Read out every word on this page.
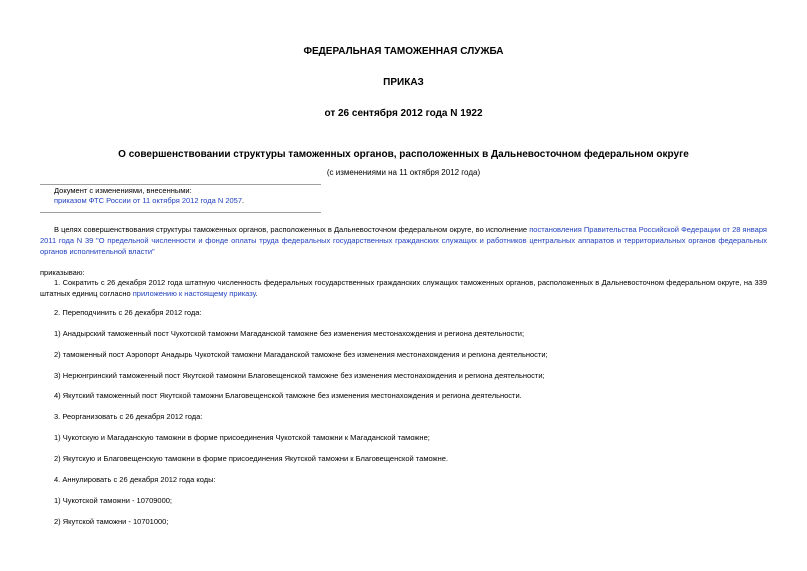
ФЕДЕРАЛЬНАЯ ТАМОЖЕННАЯ СЛУЖБА
ПРИКАЗ
от 26 сентября 2012 года N 1922
О совершенствовании структуры таможенных органов, расположенных в Дальневосточном федеральном округе
(с изменениями на 11 октября 2012 года)
Документ с изменениями, внесенными:
приказом ФТС России от 11 октября 2012 года N 2057.
В целях совершенствования структуры таможенных органов, расположенных в Дальневосточном федеральном округе, во исполнение постановления Правительства Российской Федерации от 28 января 2011 года N 39 "О предельной численности и фонде оплаты труда федеральных государственных гражданских служащих и работников центральных аппаратов и территориальных органов федеральных органов исполнительной власти"
приказываю:
1. Сократить с 26 декабря 2012 года штатную численность федеральных государственных гражданских служащих таможенных органов, расположенных в Дальневосточном федеральном округе, на 339 штатных единиц согласно приложению к настоящему приказу.
2. Переподчинить с 26 декабря 2012 года:
1) Анадырский таможенный пост Чукотской таможни Магаданской таможне без изменения местонахождения и региона деятельности;
2) таможенный пост Аэропорт Анадырь Чукотской таможни Магаданской таможне без изменения местонахождения и региона деятельности;
3) Нерюнгринский таможенный пост Якутской таможни Благовещенской таможне без изменения местонахождения и региона деятельности;
4) Якутский таможенный пост Якутской таможни Благовещенской таможне без изменения местонахождения и региона деятельности.
3. Реорганизовать с 26 декабря 2012 года:
1) Чукотскую и Магаданскую таможни в форме присоединения Чукотской таможни к Магаданской таможне;
2) Якутскую и Благовещенскую таможни в форме присоединения Якутской таможни к Благовещенской таможне.
4. Аннулировать с 26 декабря 2012 года коды:
1) Чукотской таможни - 10709000;
2) Якутской таможни - 10701000;
